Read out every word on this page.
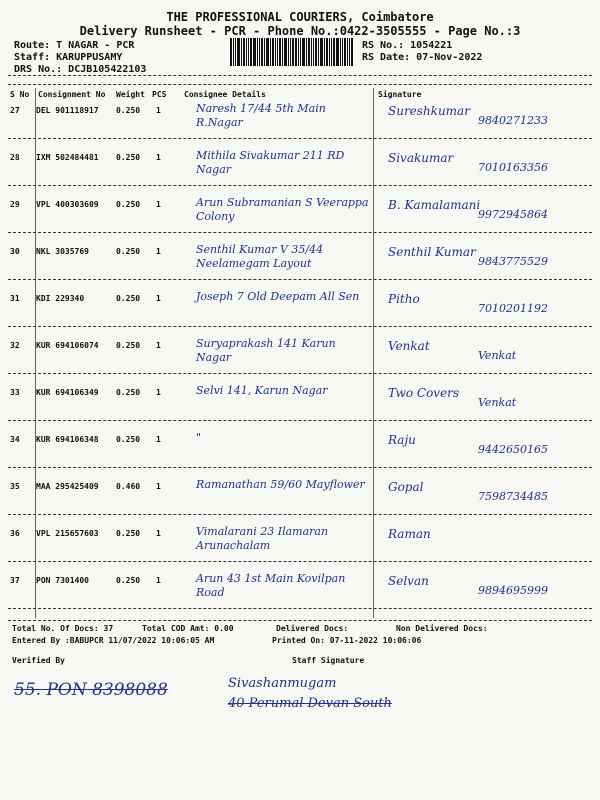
THE PROFESSIONAL COURIERS, Coimbatore
Delivery Runsheet - PCR - Phone No.:0422-3505555 - Page No.:3
Route: T NAGAR - PCR
Staff: KARUPPUSAMY
DRS No.: DCJB105422103
RS No.: 1054221
RS Date: 07-Nov-2022
S No Consignment No Weight PCS Consignee Details	Signature
27 DEL 901118917 0.250 1	Naresh 17/44 5th Main R.Nagar
Sureshkumar
9840271233
28 IXM 502484481 0.250 1	Mithila Sivakumar 211 RD Nagar
Sivakumar
7010163356
29 VPL 400303609 0.250 1	Arun Subramanian S Veerappa Colony
B. Kamalamani
9972945864
30 NKL 3035769	0.250 1	Senthil Kumar V 35/44 Neelamegam Layout
Senthil Kumar
9843775529
31 KDI 229340	0.250 1	Joseph 7 Old Deepam All Sen	Pitho
7010201192
32 KUR 694106074 0.250 1	Suryaprakash 141 Karun Nagar
Venkat
Venkat
33 KUR 694106349 0.250 1	Selvi 141, Karun Nagar	Two Covers
Venkat
34 KUR 694106348 0.250 1	"	Raju
9442650165
35 MAA 295425409 0.460 1	Ramanathan 59/60 Mayflower	Gopal
7598734485
36 VPL 215657603 0.250 1	Vimalarani 23 Ilamaran Arunachalam
Raman
37 PON 7301400	0.250 1	Arun 43 1st Main Kovilpan Road
Selvan
9894695999
Total No. Of Docs: 37	Total COD Amt: 0.00	Delivered Docs:	Non Delivered Docs:
Entered By :BABUPCR 11/07/2022 10:06:05 AM	Printed On: 07-11-2022 10:06:06
Verified By	Staff Signature
55. PON 8398088	Sivashanmugam
40 Perumal Devan South
